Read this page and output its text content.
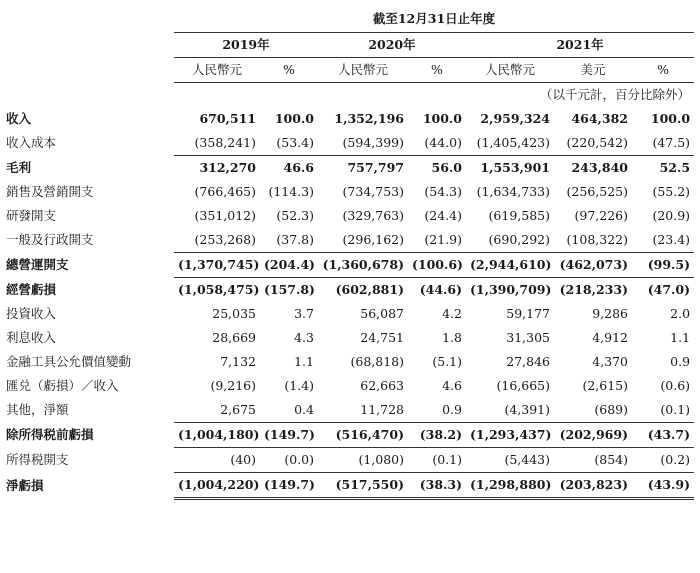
	截至12月31日止年度						
	2019年		2020年		2021年		
	人民幣元	%	人民幣元	%	人民幣元	美元	%
	（以千元計，百分比除外）						
收入	670,511	100.0	1,352,196	100.0	2,959,324	464,382	100.0
收入成本	(358,241)	(53.4)	(594,399)	(44.0)	(1,405,423)	(220,542)	(47.5)
毛利	312,270	46.6	757,797	56.0	1,553,901	243,840	52.5
銷售及營銷開支	(766,465)	(114.3)	(734,753)	(54.3)	(1,634,733)	(256,525)	(55.2)
研發開支	(351,012)	(52.3)	(329,763)	(24.4)	(619,585)	(97,226)	(20.9)
一般及行政開支	(253,268)	(37.8)	(296,162)	(21.9)	(690,292)	(108,322)	(23.4)
總營運開支	(1,370,745)	(204.4)	(1,360,678)	(100.6)	(2,944,610)	(462,073)	(99.5)
經營虧損	(1,058,475)	(157.8)	(602,881)	(44.6)	(1,390,709)	(218,233)	(47.0)
投資收入	25,035	3.7	56,087	4.2	59,177	9,286	2.0
利息收入	28,669	4.3	24,751	1.8	31,305	4,912	1.1
金融工具公允價值變動	7,132	1.1	(68,818)	(5.1)	27,846	4,370	0.9
匯兑（虧損）／收入	(9,216)	(1.4)	62,663	4.6	(16,665)	(2,615)	(0.6)
其他，淨額	2,675	0.4	11,728	0.9	(4,391)	(689)	(0.1)
除所得税前虧損	(1,004,180)	(149.7)	(516,470)	(38.2)	(1,293,437)	(202,969)	(43.7)
所得税開支	(40)	(0.0)	(1,080)	(0.1)	(5,443)	(854)	(0.2)
淨虧損	(1,004,220)	(149.7)	(517,550)	(38.3)	(1,298,880)	(203,823)	(43.9)
